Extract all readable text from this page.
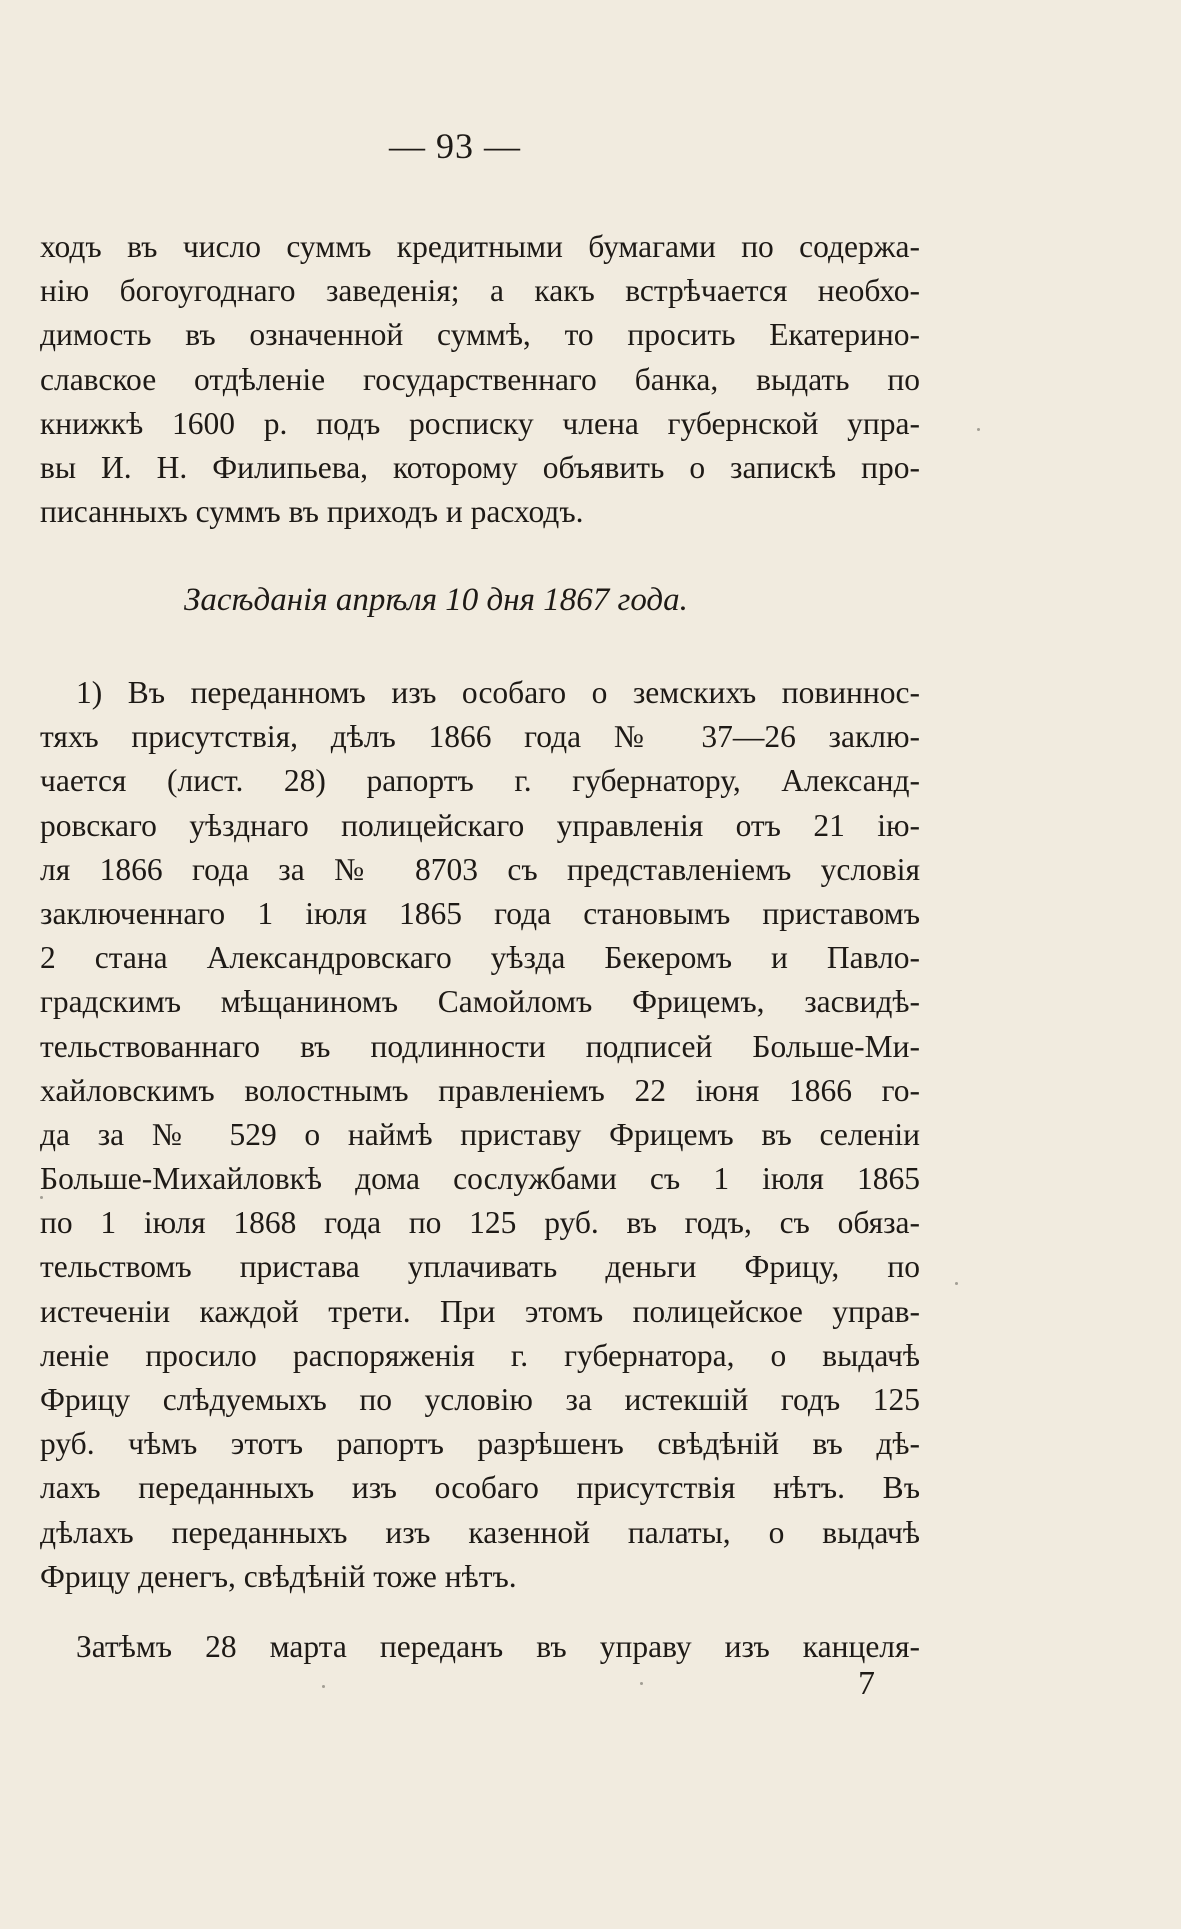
— 93 —
ходъ въ число суммъ кредитными бумагами по содержа-
нію богоугоднаго заведенія; а какъ встрѣчается необхо-
димость въ означенной суммѣ, то просить Екатерино-
славское отдѣленіе государственнаго банка, выдать по
книжкѣ 1600 р. подъ росписку члена губернской упра-
вы И. Н. Филипьева, которому объявить о запискѣ про-
писанныхъ суммъ въ приходъ и расходъ.
Засѣданія апрѣля 10 дня 1867 года.
1) Въ переданномъ изъ особаго о земскихъ повинноc-
тяхъ присутствія, дѣлъ 1866 года № 37—26 заклю-
чается (лист. 28) рапортъ г. губернатору, Александ-
ровскаго уѣзднаго полицейскаго управленія отъ 21 ію-
ля 1866 года за № 8703 съ представленіемъ условія
заключеннаго 1 іюля 1865 года становымъ приставомъ
2 стана Александровскаго уѣзда Бекеромъ и Павло-
градскимъ мѣщаниномъ Самойломъ Фрицемъ, засвидѣ-
тельствованнаго въ подлинности подписей Больше-Ми-
хайловскимъ волостнымъ правленіемъ 22 іюня 1866 го-
да за № 529 о наймѣ приставу Фрицемъ въ селеніи
Больше-Михайловкѣ дома сослужбами съ 1 іюля 1865
по 1 іюля 1868 года по 125 руб. въ годъ, съ обяза-
тельствомъ пристава уплачивать деньги Фрицу, по
истеченіи каждой трети. При этомъ полицейское управ-
леніе просило распоряженія г. губернатора, о выдачѣ
Фрицу слѣдуемыхъ по условію за истекшій годъ 125
руб. чѣмъ этотъ рапортъ разрѣшенъ свѣдѣній въ дѣ-
лахъ переданныхъ изъ особаго присутствія нѣтъ. Въ
дѣлахъ переданныхъ изъ казенной палаты, о выдачѣ
Фрицу денегъ, свѣдѣній тоже нѣтъ.
Затѣмъ 28 марта переданъ въ управу изъ канцеля-
7
